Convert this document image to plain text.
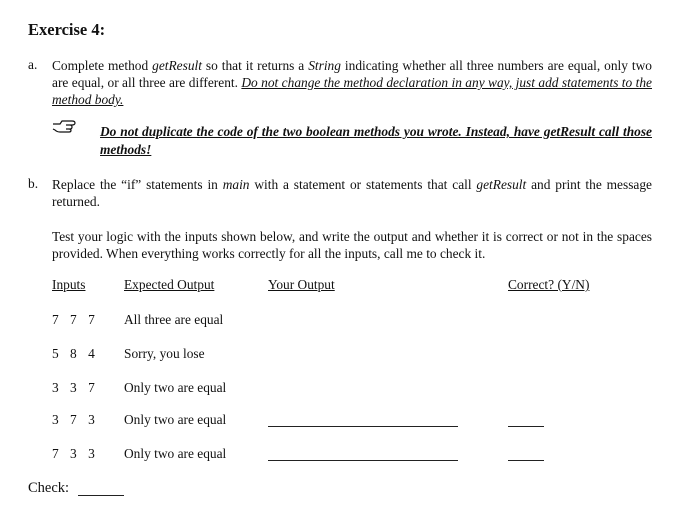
Exercise 4:
a. Complete method getResult so that it returns a String indicating whether all three numbers are equal, only two are equal, or all three are different. Do not change the method declaration in any way, just add statements to the method body.
Do not duplicate the code of the two boolean methods you wrote. Instead, have getResult call those methods!
b. Replace the “if” statements in main with a statement or statements that call getResult and print the message returned.
Test your logic with the inputs shown below, and write the output and whether it is correct or not in the spaces provided. When everything works correctly for all the inputs, call me to check it.
Inputs	Expected Output	Your Output	Correct? (Y/N)
7 7 7 All three are equal
5 8 4 Sorry, you lose
3 3 7 Only two are equal
3 7 3 Only two are equal
7 3 3 Only two are equal
Check:
